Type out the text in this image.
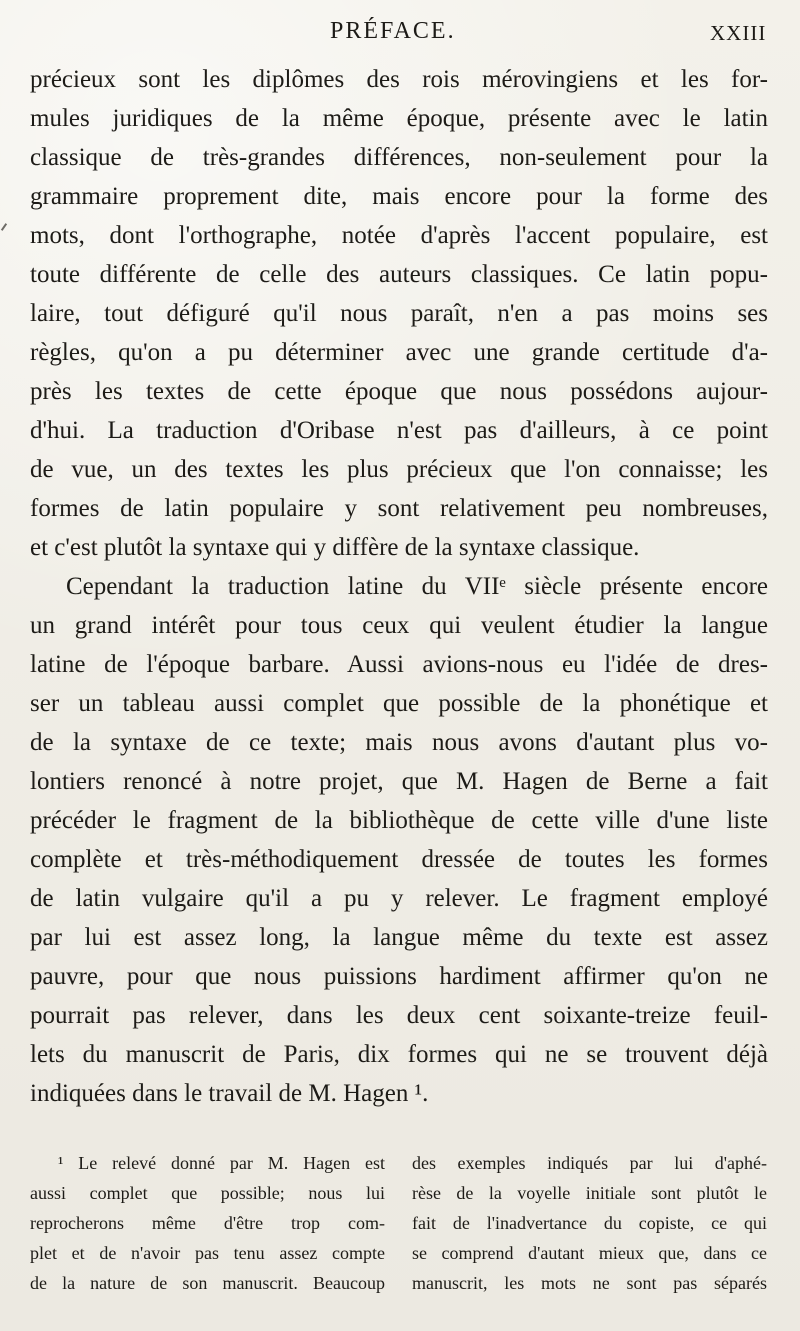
PRÉFACE.	XXIII
précieux sont les diplômes des rois mérovingiens et les for-
mules juridiques de la même époque, présente avec le latin
classique de très-grandes différences, non-seulement pour la
grammaire proprement dite, mais encore pour la forme des
mots, dont l'orthographe, notée d'après l'accent populaire, est
toute différente de celle des auteurs classiques. Ce latin popu-
laire, tout défiguré qu'il nous paraît, n'en a pas moins ses
règles, qu'on a pu déterminer avec une grande certitude d'a-
près les textes de cette époque que nous possédons aujour-
d'hui. La traduction d'Oribase n'est pas d'ailleurs, à ce point
de vue, un des textes les plus précieux que l'on connaisse; les
formes de latin populaire y sont relativement peu nombreuses,
et c'est plutôt la syntaxe qui y diffère de la syntaxe classique.
Cependant la traduction latine du VIIᵉ siècle présente encore
un grand intérêt pour tous ceux qui veulent étudier la langue
latine de l'époque barbare. Aussi avions-nous eu l'idée de dres-
ser un tableau aussi complet que possible de la phonétique et
de la syntaxe de ce texte; mais nous avons d'autant plus vo-
lontiers renoncé à notre projet, que M. Hagen de Berne a fait
précéder le fragment de la bibliothèque de cette ville d'une liste
complète et très-méthodiquement dressée de toutes les formes
de latin vulgaire qu'il a pu y relever. Le fragment employé
par lui est assez long, la langue même du texte est assez
pauvre, pour que nous puissions hardiment affirmer qu'on ne
pourrait pas relever, dans les deux cent soixante-treize feuil-
lets du manuscrit de Paris, dix formes qui ne se trouvent déjà
indiquées dans le travail de M. Hagen ¹.
¹ Le relevé donné par M. Hagen est
aussi complet que possible; nous lui
reprocherons même d'être trop com-
plet et de n'avoir pas tenu assez compte
de la nature de son manuscrit. Beaucoup
des exemples indiqués par lui d'aphé-
rèse de la voyelle initiale sont plutôt le
fait de l'inadvertance du copiste, ce qui
se comprend d'autant mieux que, dans ce
manuscrit, les mots ne sont pas séparés
